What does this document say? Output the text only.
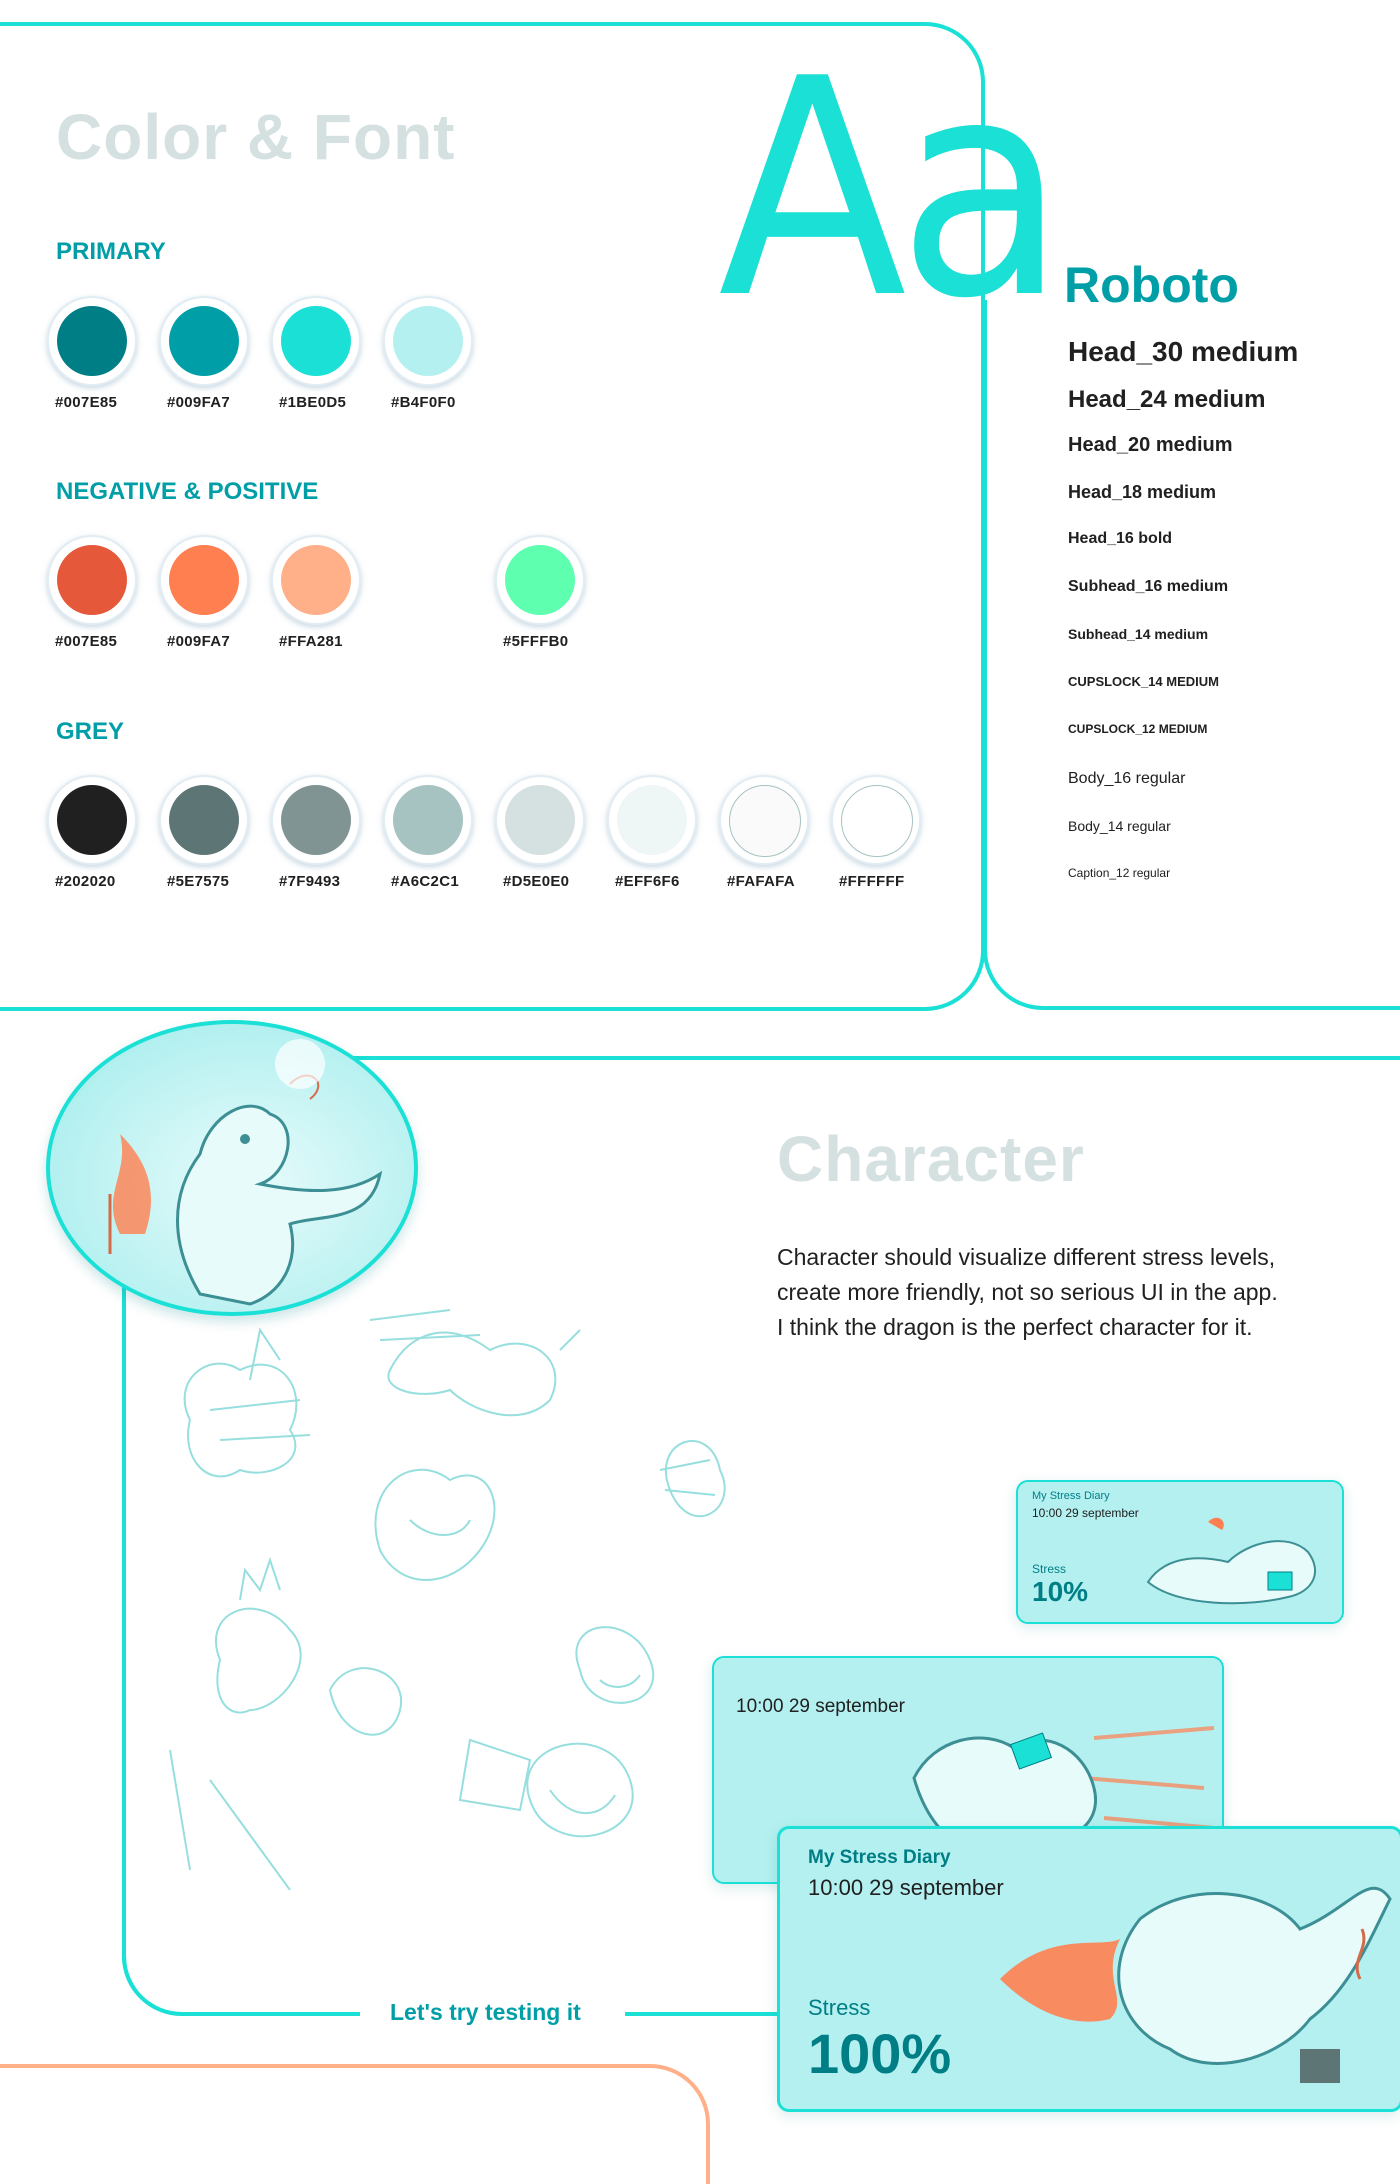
Color & Font
PRIMARY
#007E85	#009FA7	#1BE0D5	#B4F0F0
NEGATIVE & POSITIVE
#007E85	#009FA7	#FFA281	#5FFFB0
GREY
#202020	#5E7575	#7F9493	#A6C2C1	#D5E0E0	#EFF6F6	#FAFAFA	#FFFFFF
Aa Roboto
Head_30 medium
Head_24 medium
Head_20 medium
Head_18 medium
Head_16 bold
Subhead_16 medium
Subhead_14 medium
CUPSLOCK_14 MEDIUM
CUPSLOCK_12 MEDIUM
Body_16 regular
Body_14 regular
Caption_12 regular
Character
Character should visualize different stress levels,
create more friendly, not so serious UI in the app.
I think the dragon is the perfect character for it.
My Stress Diary
10:00 29 september
Stress
10%
10:00 29 september
My Stress Diary
10:00 29 september
Stress
100%
Let's try testing it
